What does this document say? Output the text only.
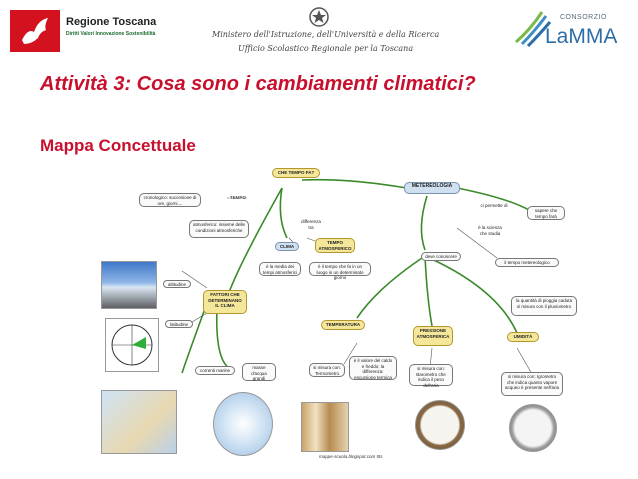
Regione Toscana
Diritti Valori Innovazione Sostenibilità	Ministero dell'Istruzione, dell'Università e della Ricerca
Ufficio Scolastico Regionale per la Toscana
CONSORZIO
LaMMA
Attività 3: Cosa sono i cambiamenti climatici?
Mappa Concettuale
CHE TEMPO FA?
METEREOLOGIA
cronologico: succesione di ore, giorni....
TEMPO
atmosferico: insieme delle condizioni atmosferiche
differenza tra
CLIMA
TEMPO ATMOSFERICO
è la media dei tempi atmosferici
è il tempo che fa in un luogo in un determinato giorno
ci permette di
sapere che tempo farà
è la scienza che studia
il tempo metereologico
deve conoscere
altitudine
FATTORI CHE DETERMINANO IL CLIMA
latitudine
correnti marine
masse d'acqua grandi
TEMPERATURA
PRESSIONE ATMOSFERICA	UMIDITÀ
la quantità di pioggia caduta si misura con il pluviometro
si misura con: Termometro
è il valore del caldo e freddo; la differenza: escursione termica
si misura con: Barometro che indica il peso dell'aria
si misura con: Igrometro che indica quanto vapore acqueo è presente nell'aria
mappe-scuola.blogspot.com 5ts
